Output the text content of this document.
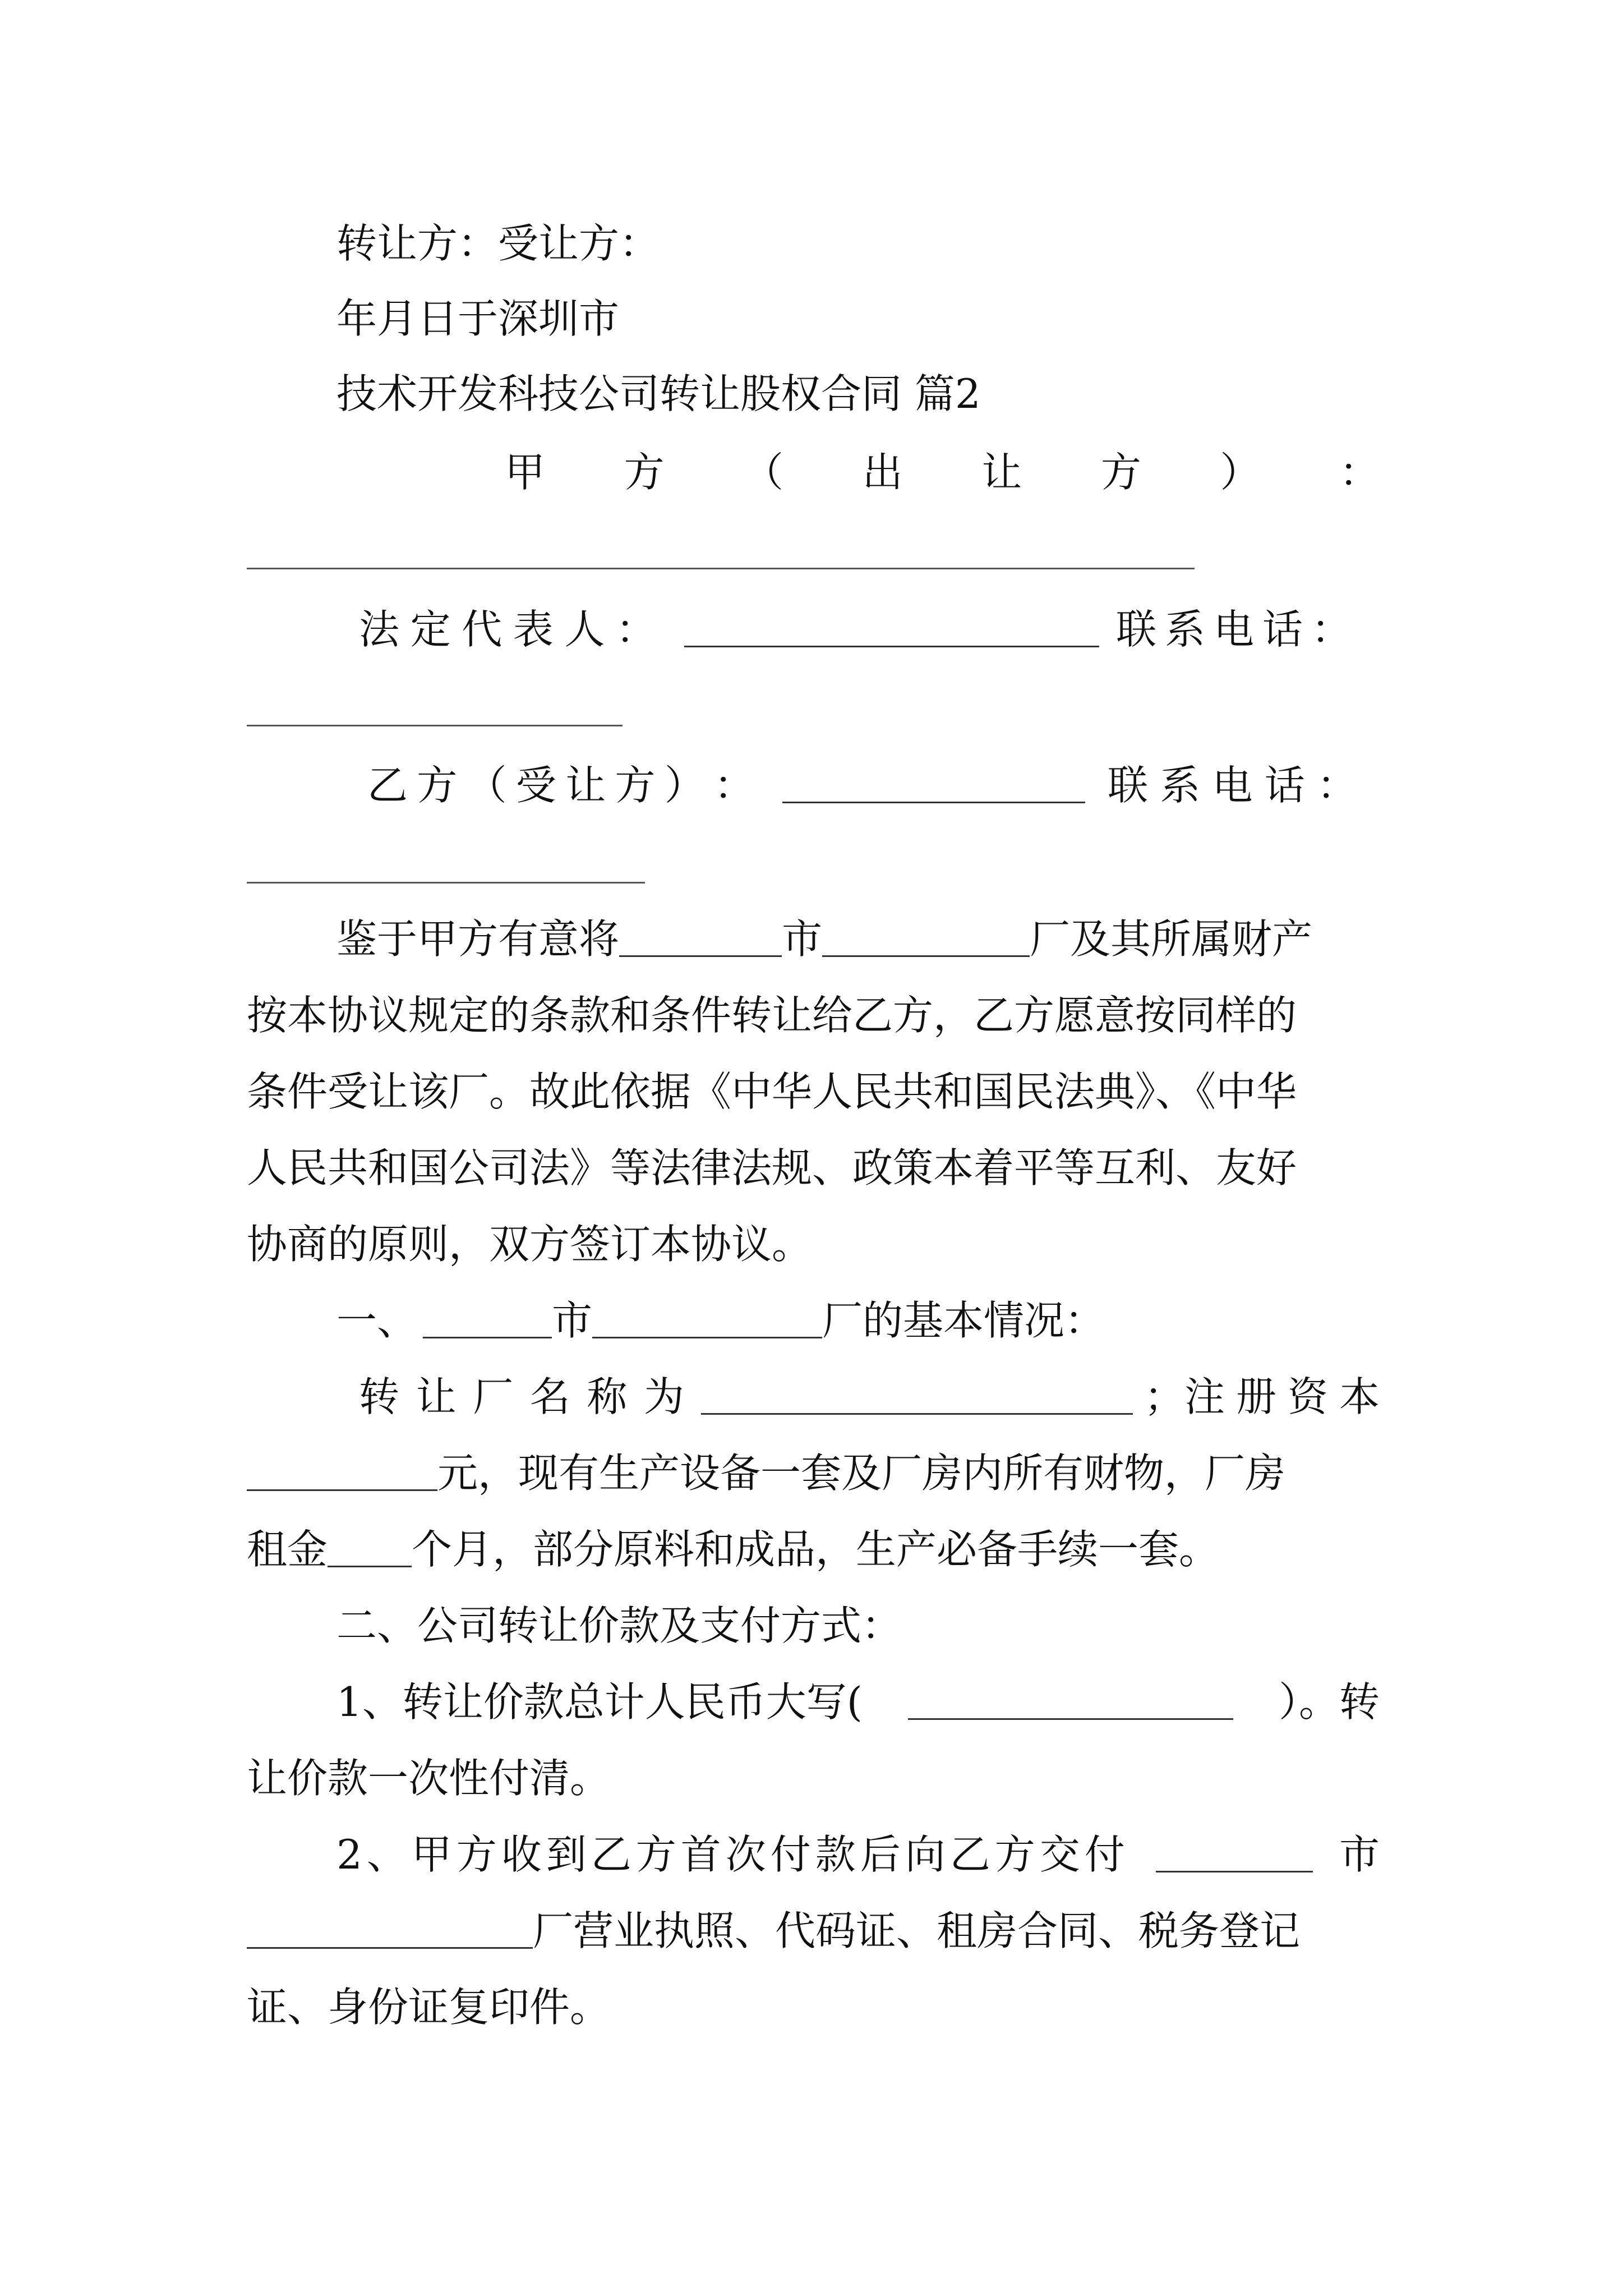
转让方：受让方：
年月日于深圳市
技术开发科技公司转让股权合同 篇2
甲 方 （ 出 让 方 ） ：
法 定 代 表 人 ：	联 系 电 话 ：
乙 方 （ 受 让 方 ） ：	联 系 电 话 ：
鉴于甲方有意将	市	厂及其所属财产
按本协议规定的条款和条件转让给乙方，乙方愿意按同样的
条件受让该厂。故此依据《中华人民共和国民法典》、《中华
人民共和国公司法》等法律法规、政策本着平等互利、友好
协商的原则，双方签订本协议。
一、	市	厂的基本情况：
转 让 厂 名 称 为	；注 册 资 本
元，现有生产设备一套及厂房内所有财物，厂房
租金 个月，部分原料和成品，生产必备手续一套。
二、公司转让价款及支付方式：
1、转让价款总计人民币大写(	）。转
让价款一次性付清。
2、甲方收到乙方首次付款后向乙方交付	市
厂营业执照、代码证、租房合同、税务登记
证、身份证复印件。
